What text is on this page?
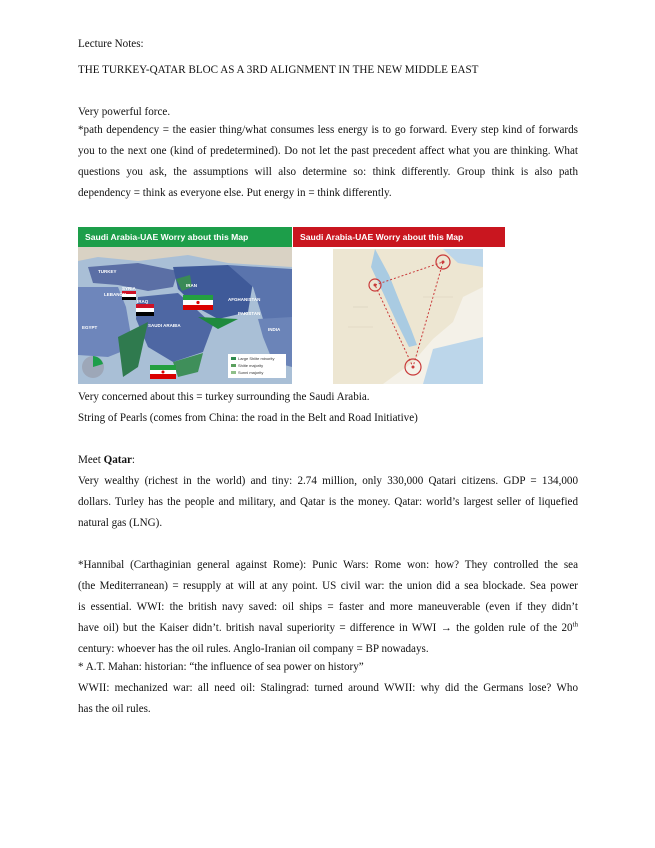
Lecture Notes:
THE TURKEY-QATAR BLOC AS A 3RD ALIGNMENT IN THE NEW MIDDLE EAST
Very powerful force.
*path dependency = the easier thing/what consumes less energy is to go forward. Every step kind of forwards you to the next one (kind of predetermined). Do not let the past precedent affect what you are thinking. What questions you ask, the assumptions will also determine so: think differently. Group think is also path dependency = think as everyone else. Put energy in = think differently.
Saudi Arabia-UAE Worry about this Map
TURKEY
IRAN
IRAQ
SYRIA
LEBANON
EGYPT	SAUDI ARABIA
AFGHANISTAN
PAKISTAN
INDIA
Large Shiite minority
Shiite majority
Sunni majority
Saudi Arabia-UAE Worry about this Map
Very concerned about this = turkey surrounding the Saudi Arabia.
String of Pearls (comes from China: the road in the Belt and Road Initiative)
Meet Qatar:
Very wealthy (richest in the world) and tiny: 2.74 million, only 330,000 Qatari citizens. GDP = 134,000
dollars. Turley has the people and military, and Qatar is the money. Qatar: world’s largest seller of liquefied
natural gas (LNG).
*Hannibal (Carthaginian general against Rome): Punic Wars: Rome won: how? They controlled the sea
(the Mediterranean) = resupply at will at any point. US civil war: the union did a sea blockade. Sea power
is essential. WWI: the british navy saved: oil ships = faster and more maneuverable (even if they didn’t
have oil) but the Kaiser didn’t. british naval superiority = difference in WWI → the golden rule of the 20th
century: whoever has the oil rules. Anglo-Iranian oil company = BP nowadays.
* A.T. Mahan: historian: “the influence of sea power on history”
WWII: mechanized war: all need oil: Stalingrad: turned around WWII: why did the Germans lose? Who
has the oil rules.
